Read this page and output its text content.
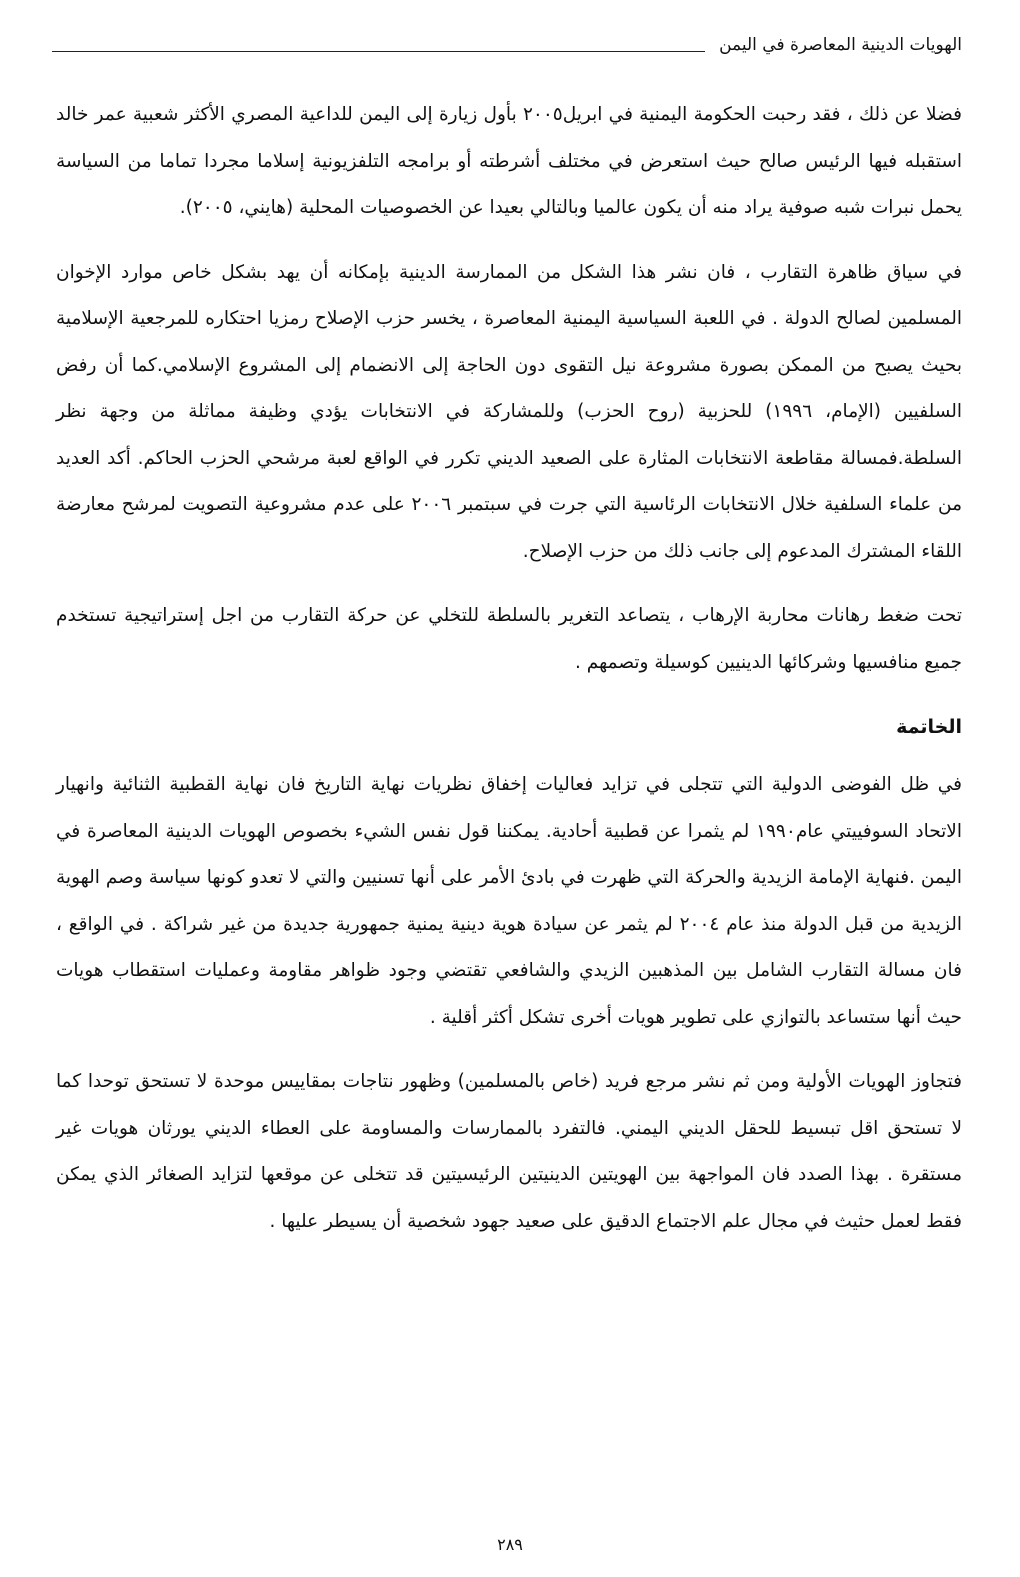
الهويات الدينية المعاصرة في اليمن

فضلا عن ذلك ، فقد رحبت الحكومة اليمنية في ابريل٢٠٠٥ بأول زيارة إلى اليمن للداعية المصري الأكثر شعبية عمر خالد استقبله فيها الرئيس صالح حيث استعرض في مختلف أشرطته أو برامجه التلفزيونية إسلاما مجردا تماما من السياسة يحمل نبرات شبه صوفية يراد منه أن يكون عالميا وبالتالي بعيدا عن الخصوصيات المحلية (هايني، ٢٠٠٥).

في سياق ظاهرة التقارب ، فان نشر هذا الشكل من الممارسة الدينية بإمكانه أن يهد بشكل خاص موارد الإخوان المسلمين لصالح الدولة . في اللعبة السياسية اليمنية المعاصرة ، يخسر حزب الإصلاح رمزيا احتكاره للمرجعية الإسلامية بحيث يصبح من الممكن بصورة مشروعة نيل التقوى دون الحاجة إلى الانضمام إلى المشروع الإسلامي.كما أن رفض السلفيين (الإمام، ١٩٩٦) للحزبية (روح الحزب) وللمشاركة في الانتخابات يؤدي وظيفة مماثلة من وجهة نظر السلطة.فمسالة مقاطعة الانتخابات المثارة على الصعيد الديني تكرر في الواقع لعبة مرشحي الحزب الحاكم. أكد العديد من علماء السلفية خلال الانتخابات الرئاسية التي جرت في سبتمبر ٢٠٠٦ على عدم مشروعية التصويت لمرشح معارضة اللقاء المشترك المدعوم إلى جانب ذلك من حزب الإصلاح.

تحت ضغط رهانات محاربة الإرهاب ، يتصاعد التغرير بالسلطة للتخلي عن حركة التقارب من اجل إستراتيجية تستخدم جميع منافسيها وشركائها الدينيين كوسيلة وتصمهم .

الخاتمة

في ظل الفوضى الدولية التي تتجلى في تزايد فعاليات إخفاق نظريات نهاية التاريخ فان نهاية القطبية الثنائية وانهيار الاتحاد السوفييتي عام١٩٩٠ لم يثمرا عن قطبية أحادية. يمكننا قول نفس الشيء بخصوص الهويات الدينية المعاصرة في اليمن .فنهاية الإمامة الزيدية والحركة التي ظهرت في بادئ الأمر على أنها تسنيين والتي لا تعدو كونها سياسة وصم الهوية الزيدية من قبل الدولة منذ عام ٢٠٠٤ لم يثمر عن سيادة هوية دينية يمنية جمهورية جديدة من غير شراكة . في الواقع ، فان مسالة التقارب الشامل بين المذهبين الزيدي والشافعي تقتضي وجود ظواهر مقاومة وعمليات استقطاب هويات حيث أنها ستساعد بالتوازي على تطوير هويات أخرى تشكل أكثر أقلية .

فتجاوز الهويات الأولية ومن ثم نشر مرجع فريد (خاص بالمسلمين) وظهور نتاجات بمقاييس موحدة لا تستحق توحدا كما لا تستحق اقل تبسيط للحقل الديني اليمني. فالتفرد بالممارسات والمساومة على العطاء الديني يورثان هويات غير مستقرة . بهذا الصدد فان المواجهة بين الهويتين الدينيتين الرئيسيتين قد تتخلى عن موقعها لتزايد الصغائر الذي يمكن فقط لعمل حثيث في مجال علم الاجتماع الدقيق على صعيد جهود شخصية أن يسيطر عليها .

٢٨٩
